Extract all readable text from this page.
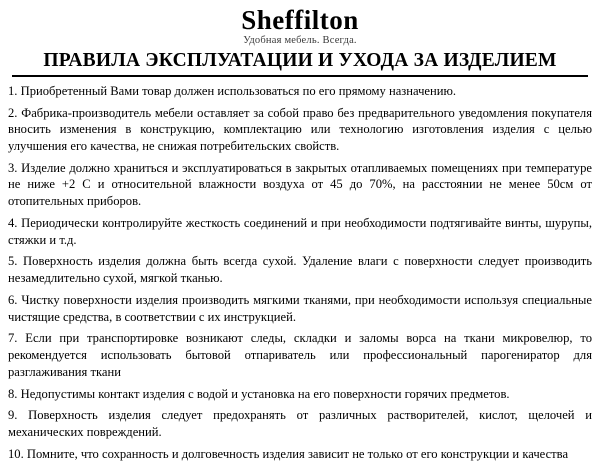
Sheffilton
Удобная мебель. Всегда.
ПРАВИЛА ЭКСПЛУАТАЦИИ И УХОДА ЗА ИЗДЕЛИЕМ

1. Приобретенный Вами товар должен использоваться по его прямому назначению.

2. Фабрика-производитель мебели оставляет за собой право без предварительного уведомления покупателя вносить изменения в конструкцию, комплектацию или технологию изготовления изделия с целью улучшения его качества, не снижая потребительских свойств.

3. Изделие должно храниться и эксплуатироваться в закрытых отапливаемых помещениях при температуре не ниже +2 С и относительной влажности воздуха от 45 до 70%, на расстоянии не менее 50см от отопительных приборов.

4. Периодически контролируйте жесткость соединений и при необходимости подтягивайте винты, шурупы, стяжки и т.д.

5. Поверхность изделия должна быть всегда сухой. Удаление влаги с поверхности следует производить незамедлительно сухой, мягкой тканью.

6. Чистку поверхности изделия производить мягкими тканями, при необходимости используя специальные чистящие средства, в соответствии с их инструкцией.

7. Если при транспортировке возникают следы, складки и заломы ворса на ткани микровелюр, то рекомендуется использовать бытовой отпариватель или профессиональный парогениратор для разглаживания ткани

8. Недопустимы контакт изделия с водой и установка на его поверхности горячих предметов.

9. Поверхность изделия следует предохранять от различных растворителей, кислот, щелочей и механических повреждений.

10. Помните, что сохранность и долговечность изделия зависит не только от его конструкции и качества
